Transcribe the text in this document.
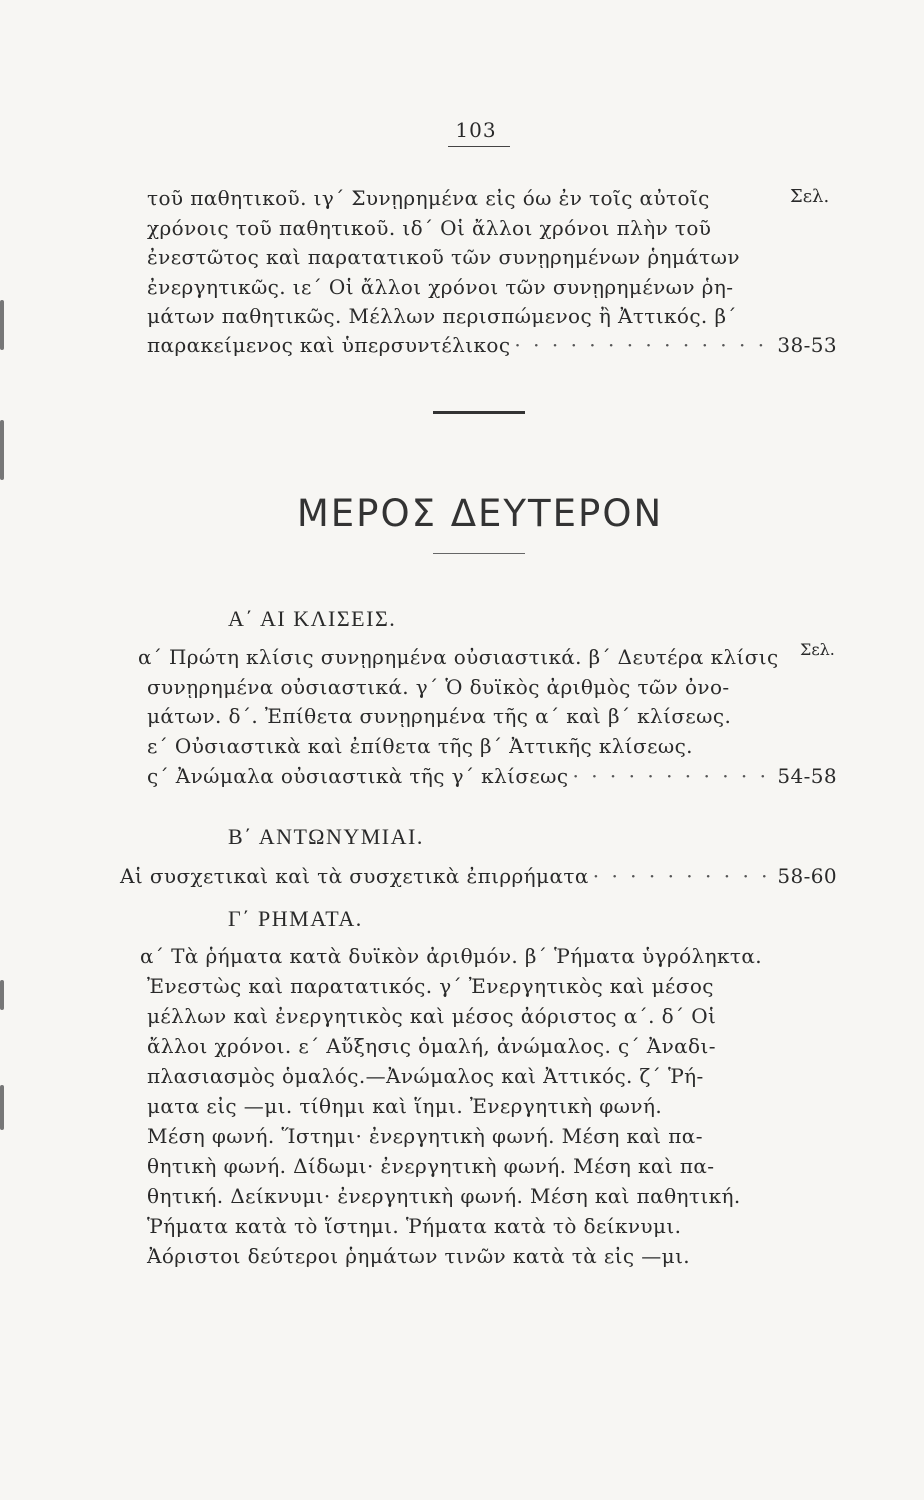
103
Σελ.
τοῦ παθητικοῦ. ιγ΄ Συνῃρημένα εἰς όω ἐν τοῖς αὐτοῖς
χρόνοις τοῦ παθητικοῦ. ιδ΄ Οἱ ἄλλοι χρόνοι πλὴν τοῦ
ἐνεστῶτος καὶ παρατατικοῦ τῶν συνῃρημένων ῥημάτων
ἐνεργητικῶς. ιε΄ Οἱ ἄλλοι χρόνοι τῶν συνῃρημένων ῥη-
μάτων παθητικῶς. Μέλλων περισπώμενος ἢ Ἀττικός. β΄
παρακείμενος καὶ ὑπερσυντέλικος · · ·	38-53
ΜΕΡΟΣ ΔΕΥΤΕΡΟΝ
Α΄ ΑΙ ΚΛΙΣΕΙΣ.
Σελ.
α΄ Πρώτη κλίσις συνῃρημένα οὐσιαστικά. β΄ Δευτέρα κλίσις
συνῃρημένα οὐσιαστικά. γ΄ Ὁ δυϊκὸς ἀριθμὸς τῶν ὀνο-
μάτων. δ΄. Ἐπίθετα συνῃρημένα τῆς α΄ καὶ β΄ κλίσεως.
ε΄ Οὐσιαστικὰ καὶ ἐπίθετα τῆς β΄ Ἀττικῆς κλίσεως.
ς΄ Ἀνώμαλα οὐσιαστικὰ τῆς γ΄ κλίσεως · · ·	54-58
Β΄ ΑΝΤΩΝΥΜΙΑΙ.
Αἱ συσχετικαὶ καὶ τὰ συσχετικὰ ἐπιρρήματα · · ·	58-60
Γ΄ ΡΗΜΑΤΑ.
α΄ Τὰ ῥήματα κατὰ δυϊκὸν ἀριθμόν. β΄ Ῥήματα ὑγρόληκτα.
Ἐνεστὼς καὶ παρατατικός. γ΄ Ἐνεργητικὸς καὶ μέσος
μέλλων καὶ ἐνεργητικὸς καὶ μέσος ἀόριστος α΄. δ΄ Οἱ
ἄλλοι χρόνοι. ε΄ Αὔξησις ὁμαλή, ἀνώμαλος. ς΄ Ἀναδι-
πλασιασμὸς ὁμαλός.—Ἀνώμαλος καὶ Ἀττικός. ζ΄ Ῥή-
ματα εἰς —μι. τίθημι καὶ ἵημι. Ἐνεργητικὴ φωνή.
Μέση φωνή. Ἵστημι· ἐνεργητικὴ φωνή. Μέση καὶ πα-
θητικὴ φωνή. Δίδωμι· ἐνεργητικὴ φωνή. Μέση καὶ πα-
θητική. Δείκνυμι· ἐνεργητικὴ φωνή. Μέση καὶ παθητική.
Ῥήματα κατὰ τὸ ἵστημι. Ῥήματα κατὰ τὸ δείκνυμι.
Ἀόριστοι δεύτεροι ῥημάτων τινῶν κατὰ τὰ εἰς —μι.
